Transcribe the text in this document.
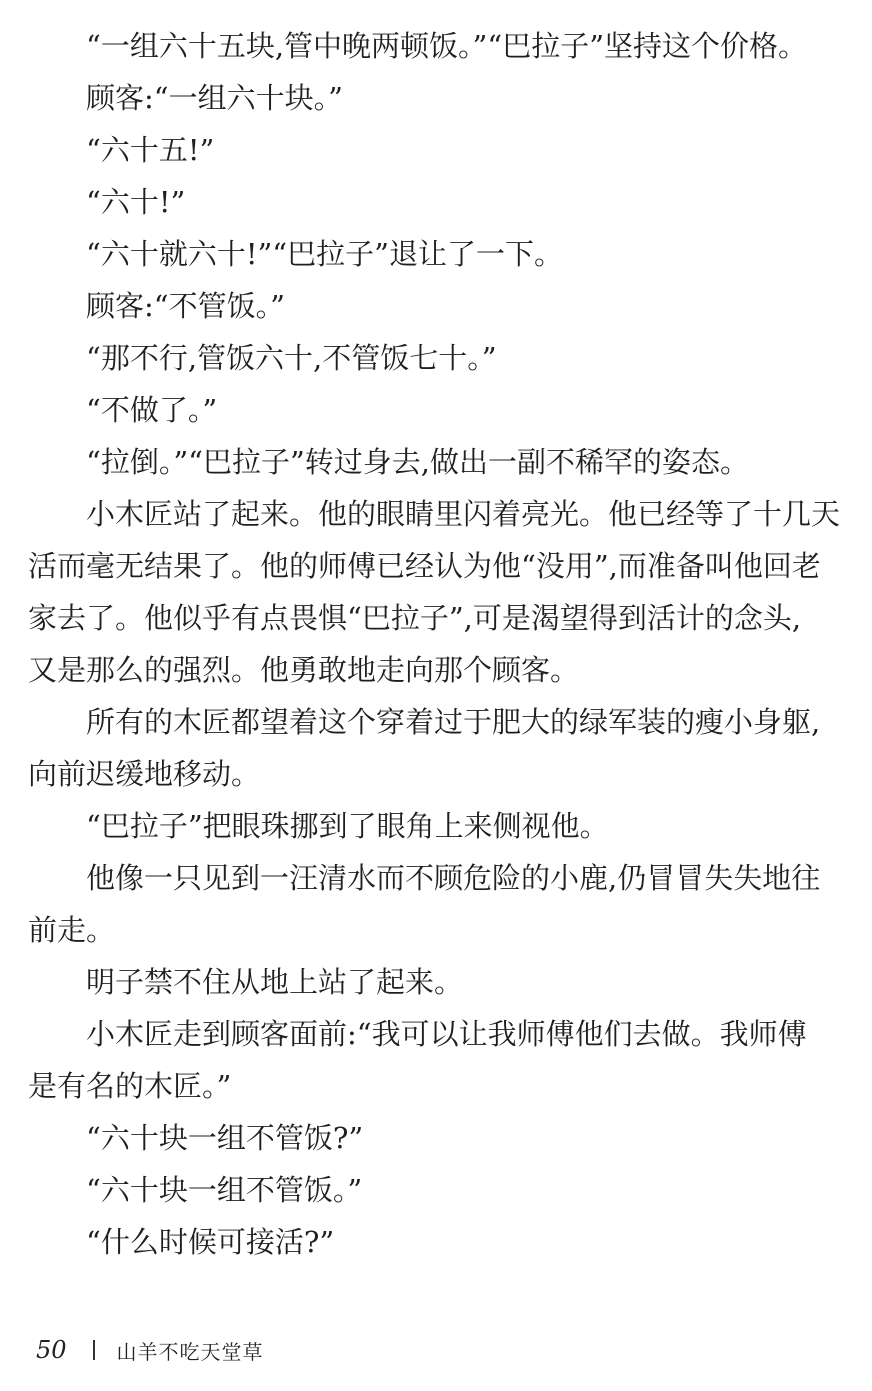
“一组六十五块,管中晚两顿饭。”“巴拉子”坚持这个价格。

顾客:“一组六十块。”

“六十五!”

“六十!”

“六十就六十!”“巴拉子”退让了一下。

顾客:“不管饭。”

“那不行,管饭六十,不管饭七十。”

“不做了。”

“拉倒。”“巴拉子”转过身去,做出一副不稀罕的姿态。

小木匠站了起来。他的眼睛里闪着亮光。他已经等了十几天

活而毫无结果了。他的师傅已经认为他“没用”,而准备叫他回老

家去了。他似乎有点畏惧“巴拉子”,可是渴望得到活计的念头,

又是那么的强烈。他勇敢地走向那个顾客。

所有的木匠都望着这个穿着过于肥大的绿军装的瘦小身躯,

向前迟缓地移动。

“巴拉子”把眼珠挪到了眼角上来侧视他。

他像一只见到一汪清水而不顾危险的小鹿,仍冒冒失失地往

前走。

明子禁不住从地上站了起来。

小木匠走到顾客面前:“我可以让我师傅他们去做。我师傅

是有名的木匠。”

“六十块一组不管饭?”

“六十块一组不管饭。”

“什么时候可接活?”

50	山羊不吃天堂草
